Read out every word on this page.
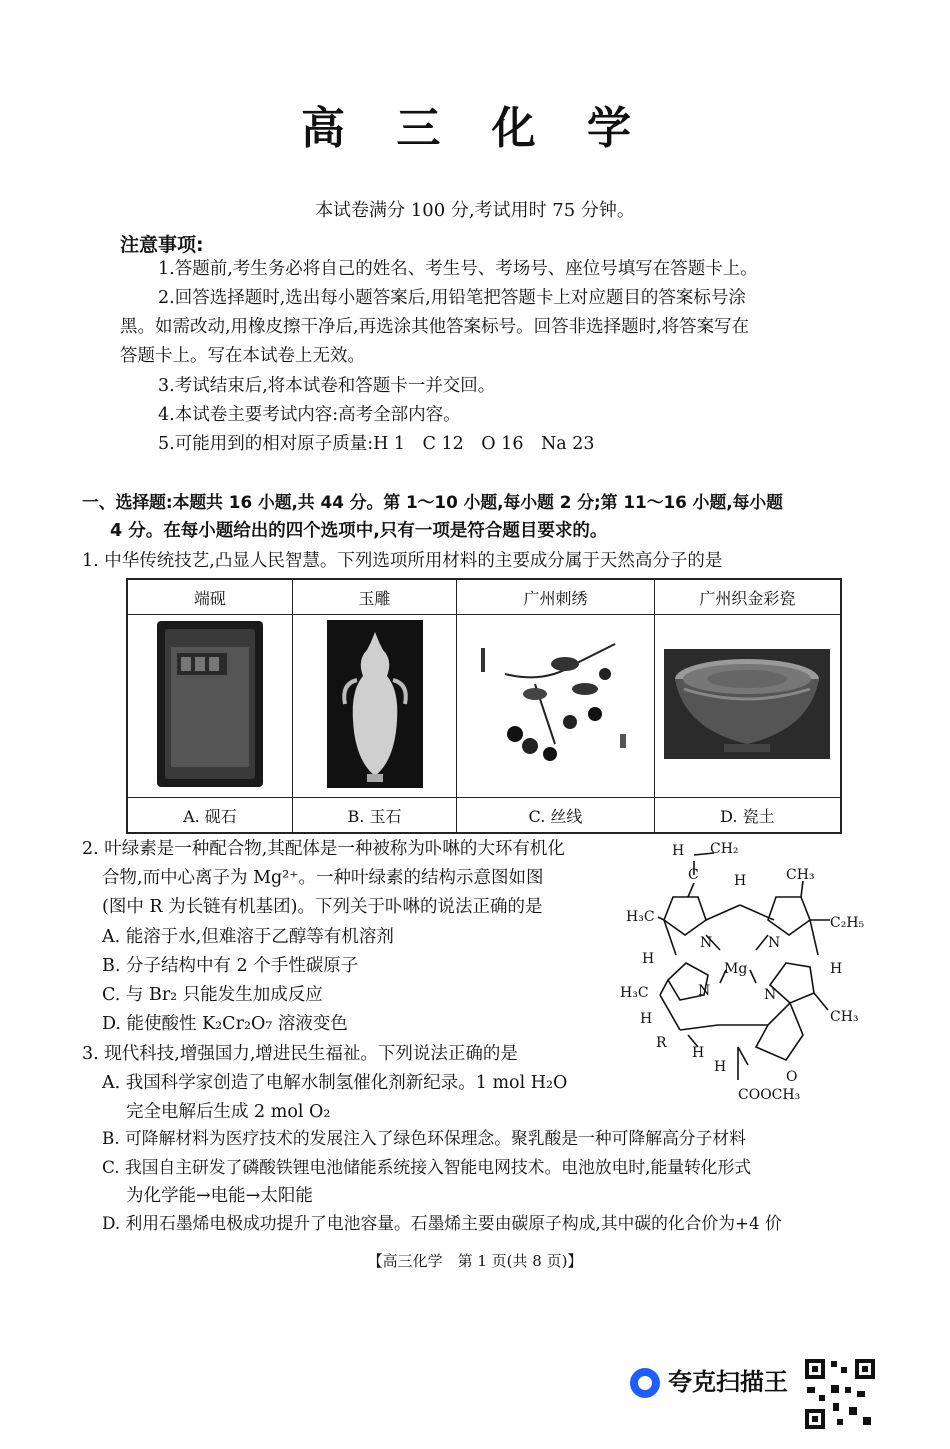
高 三 化 学
本试卷满分 100 分,考试用时 75 分钟。
注意事项:
1.答题前,考生务必将自己的姓名、考生号、考场号、座位号填写在答题卡上。
2.回答选择题时,选出每小题答案后,用铅笔把答题卡上对应题目的答案标号涂
黑。如需改动,用橡皮擦干净后,再选涂其他答案标号。回答非选择题时,将答案写在
答题卡上。写在本试卷上无效。
3.考试结束后,将本试卷和答题卡一并交回。
4.本试卷主要考试内容:高考全部内容。
5.可能用到的相对原子质量:H 1　C 12　O 16　Na 23
一、选择题:本题共 16 小题,共 44 分。第 1～10 小题,每小题 2 分;第 11～16 小题,每小题
4 分。在每小题给出的四个选项中,只有一项是符合题目要求的。
1. 中华传统技艺,凸显人民智慧。下列选项所用材料的主要成分属于天然高分子的是
端砚	玉雕	广州刺绣	广州织金彩瓷

A. 砚石	B. 玉石	C. 丝线	D. 瓷土
2. 叶绿素是一种配合物,其配体是一种被称为卟啉的大环有机化
合物,而中心离子为 Mg²⁺。一种叶绿素的结构示意图如图
(图中 R 为长链有机基团)。下列关于卟啉的说法正确的是
A. 能溶于水,但难溶于乙醇等有机溶剂
B. 分子结构中有 2 个手性碳原子
C. 与 Br₂ 只能发生加成反应
D. 能使酸性 K₂Cr₂O₇ 溶液变色
H CH₂
C	H	CH₃
H₃C	C₂H₅
N	N
N	N
Mg
H
H
H₃C
CH₃
H
R
H
H
O
COOCH₃
3. 现代科技,增强国力,增进民生福祉。下列说法正确的是
A. 我国科学家创造了电解水制氢催化剂新纪录。1 mol H₂O
完全电解后生成 2 mol O₂
B. 可降解材料为医疗技术的发展注入了绿色环保理念。聚乳酸是一种可降解高分子材料
C. 我国自主研发了磷酸铁锂电池储能系统接入智能电网技术。电池放电时,能量转化形式
为化学能→电能→太阳能
D. 利用石墨烯电极成功提升了电池容量。石墨烯主要由碳原子构成,其中碳的化合价为+4 价
【高三化学　第 1 页(共 8 页)】
夸克扫描王
